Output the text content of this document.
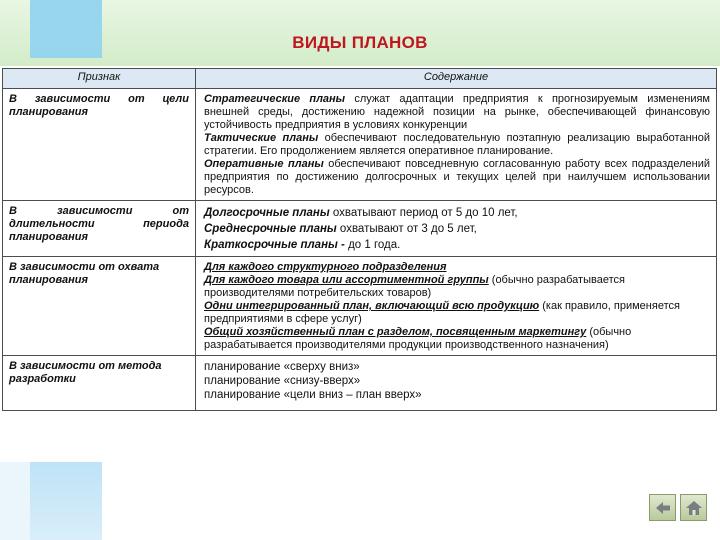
ВИДЫ ПЛАНОВ
Признак	Содержание
В зависимости от цели планирования	Стратегические планы служат адаптации предприятия к прогнозируемым изменениям внешней среды, достижению надежной позиции на рынке, обеспечивающей финансовую устойчивость предприятия в условиях конкуренции
Тактические планы обеспечивают последовательную поэтапную реализацию выработанной стратегии. Его продолжением является оперативное планирование.
Оперативные планы обеспечивают повседневную согласованную работу всех подразделений предприятия по достижению долгосрочных и текущих целей при наилучшем использовании ресурсов.

В зависимости от длительности периода планирования	Долгосрочные планы охватывают период от 5 до 10 лет,
Среднесрочные планы охватывают от 3 до 5 лет,
Краткосрочные планы - до 1 года.

В зависимости от охвата планирования	Для каждого структурного подразделения
Для каждого товара или ассортиментной группы (обычно разрабатывается производителями потребительских товаров)
Одни интегрированный план, включающий всю продукцию (как правило, применяется предприятиями в сфере услуг)
Общий хозяйственный план с разделом, посвященным маркетингу (обычно разрабатывается производителями продукции производственного назначения)

В зависимости от метода разработки	планирование «сверху вниз»
планирование «снизу-вверх»
планирование «цели вниз – план вверх»
